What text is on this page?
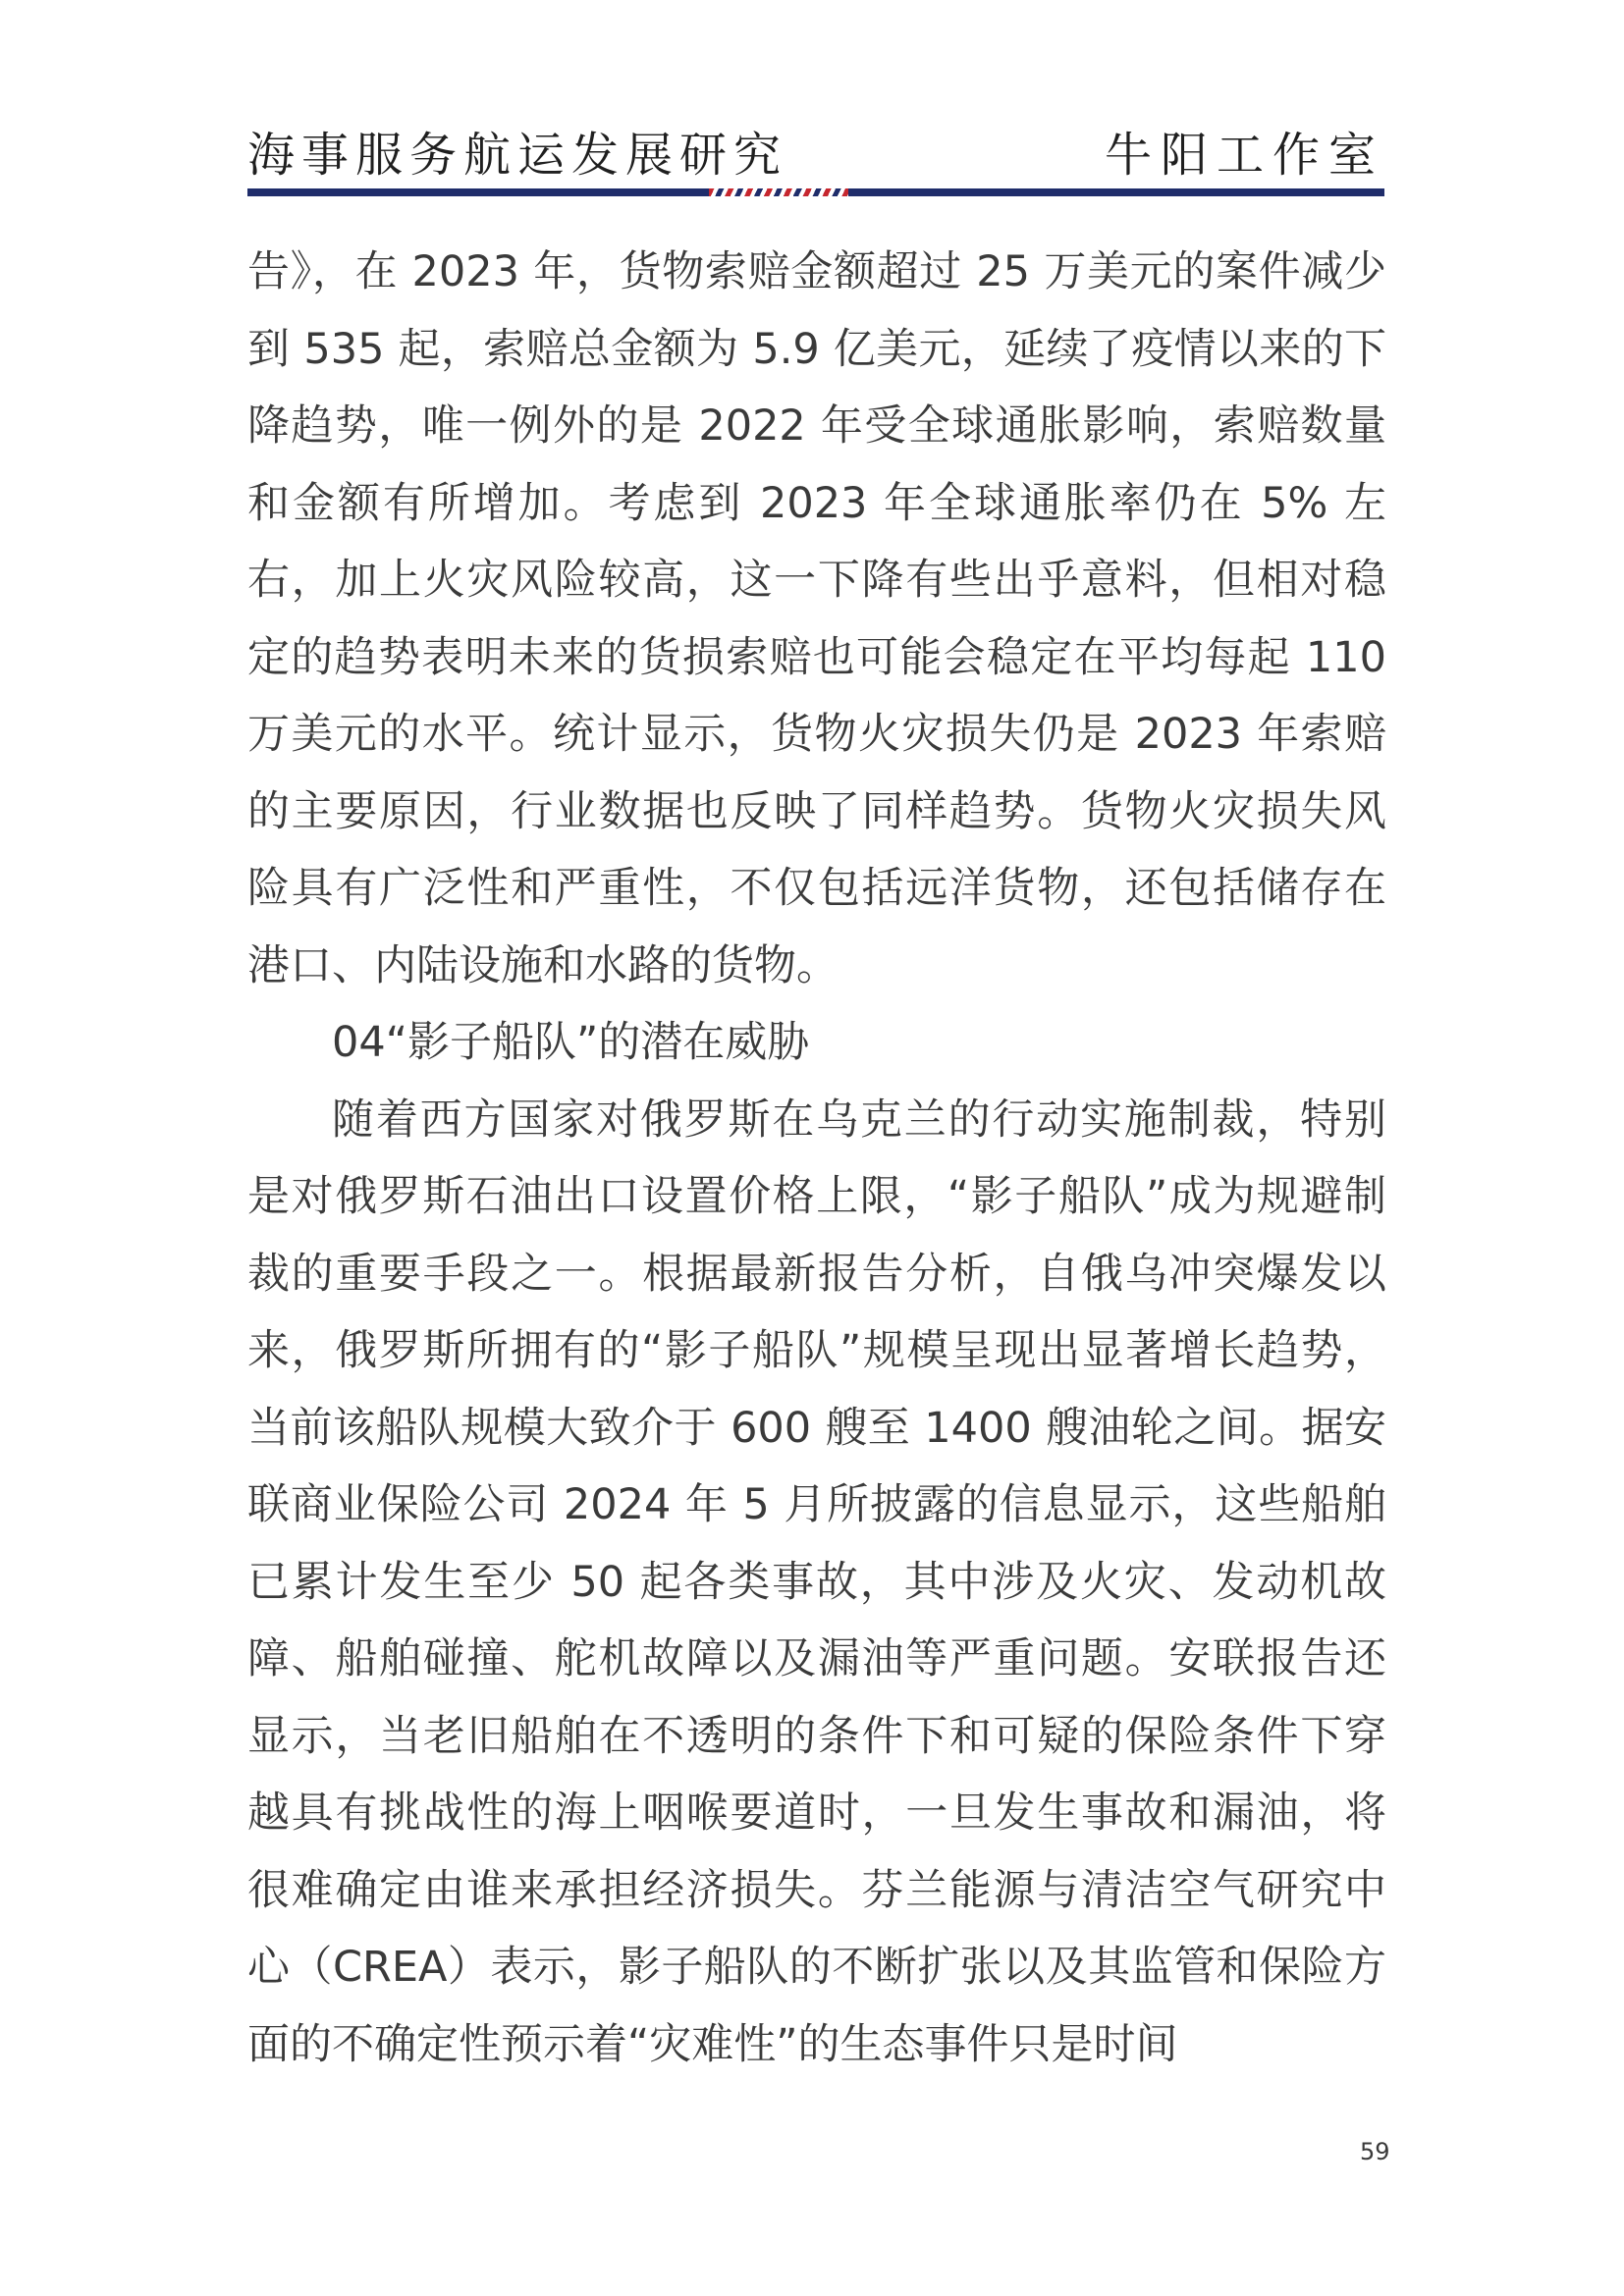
海事服务航运发展研究	牛阳工作室

告》，在 2023 年，货物索赔金额超过 25 万美元的案件减少到 535 起，索赔总金额为 5.9 亿美元，延续了疫情以来的下降趋势，唯一例外的是 2022 年受全球通胀影响，索赔数量和金额有所增加。考虑到 2023 年全球通胀率仍在 5% 左右，加上火灾风险较高，这一下降有些出乎意料，但相对稳定的趋势表明未来的货损索赔也可能会稳定在平均每起 110 万美元的水平。统计显示，货物火灾损失仍是 2023 年索赔的主要原因，行业数据也反映了同样趋势。货物火灾损失风险具有广泛性和严重性，不仅包括远洋货物，还包括储存在港口、内陆设施和水路的货物。

04“影子船队”的潜在威胁

随着西方国家对俄罗斯在乌克兰的行动实施制裁，特别是对俄罗斯石油出口设置价格上限，“影子船队”成为规避制裁的重要手段之一。根据最新报告分析，自俄乌冲突爆发以来，俄罗斯所拥有的“影子船队”规模呈现出显著增长趋势，当前该船队规模大致介于 600 艘至 1400 艘油轮之间。据安联商业保险公司 2024 年 5 月所披露的信息显示，这些船舶已累计发生至少 50 起各类事故，其中涉及火灾、发动机故障、船舶碰撞、舵机故障以及漏油等严重问题。安联报告还显示，当老旧船舶在不透明的条件下和可疑的保险条件下穿越具有挑战性的海上咽喉要道时，一旦发生事故和漏油，将很难确定由谁来承担经济损失。芬兰能源与清洁空气研究中心（CREA）表示，影子船队的不断扩张以及其监管和保险方面的不确定性预示着“灾难性”的生态事件只是时间

59
